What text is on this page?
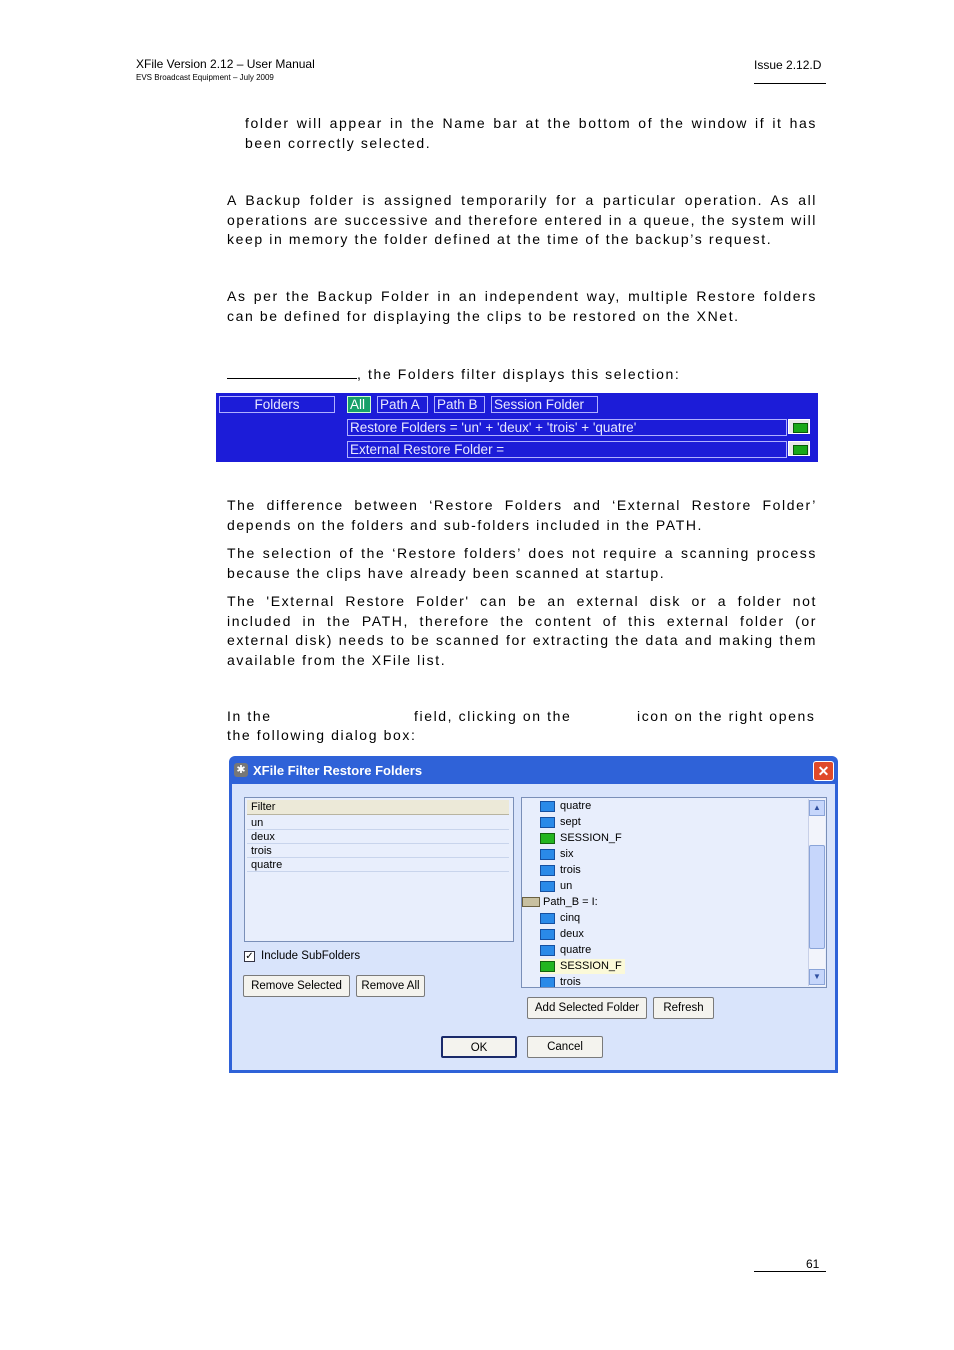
XFile Version 2.12 – User Manual
EVS Broadcast Equipment – July 2009
Issue 2.12.D
folder will appear in the Name bar at the bottom of the window if it has been correctly selected.
A Backup folder is assigned temporarily for a particular operation. As all operations are successive and therefore entered in a queue, the system will keep in memory the folder defined at the time of the backup’s request.
As per the Backup Folder in an independent way, multiple Restore folders can be defined for displaying the clips to be restored on the XNet.
, the Folders filter displays this selection:
Folders	All	Path A	Path B	Session Folder
Restore Folders = 'un' + 'deux' + 'trois' + 'quatre'
External Restore Folder =
The difference between ‘Restore Folders and ‘External Restore Folder’ depends on the folders and sub-folders included in the PATH.
The selection of the ‘Restore folders’ does not require a scanning process because the clips have already been scanned at startup.
The 'External Restore Folder' can be an external disk or a folder not included in the PATH, therefore the content of this external folder (or external disk) needs to be scanned for extracting the data and making them available from the XFile list.
In the	field, clicking on the	icon on the right opens
the following dialog box:
✱ XFile Filter Restore Folders	✕
Filter
un
deux
trois
quatre
✓ Include SubFolders
Remove Selected	Remove All
quatre
sept
SESSION_F
six
trois
un
Path_B = I:
cinq
deux
quatre
SESSION_F
trois
▲
▼
Add Selected Folder	Refresh
OK	Cancel
61
